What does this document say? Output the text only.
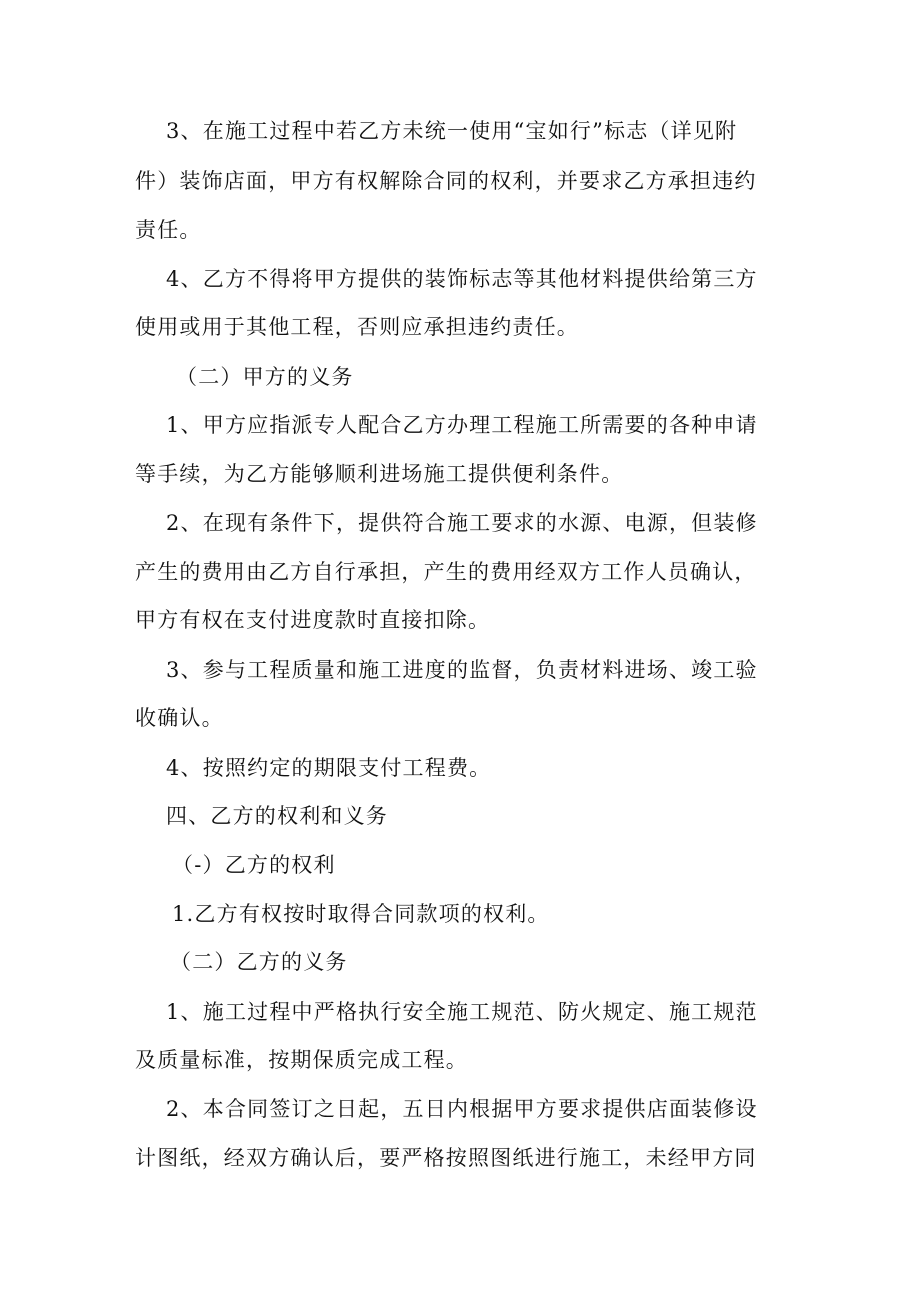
3、在施工过程中若乙方未统一使用“宝如行”标志（详见附
件）装饰店面，甲方有权解除合同的权利，并要求乙方承担违约
责任。
4、乙方不得将甲方提供的装饰标志等其他材料提供给第三方
使用或用于其他工程，否则应承担违约责任。
（二）甲方的义务
1、甲方应指派专人配合乙方办理工程施工所需要的各种申请
等手续，为乙方能够顺利进场施工提供便利条件。
2、在现有条件下，提供符合施工要求的水源、电源，但装修
产生的费用由乙方自行承担，产生的费用经双方工作人员确认，
甲方有权在支付进度款时直接扣除。
3、参与工程质量和施工进度的监督，负责材料进场、竣工验
收确认。
4、按照约定的期限支付工程费。
四、乙方的权利和义务
（-）乙方的权利
1.乙方有权按时取得合同款项的权利。
（二）乙方的义务
1、施工过程中严格执行安全施工规范、防火规定、施工规范
及质量标准，按期保质完成工程。
2、本合同签订之日起，五日内根据甲方要求提供店面装修设
计图纸，经双方确认后，要严格按照图纸进行施工，未经甲方同
